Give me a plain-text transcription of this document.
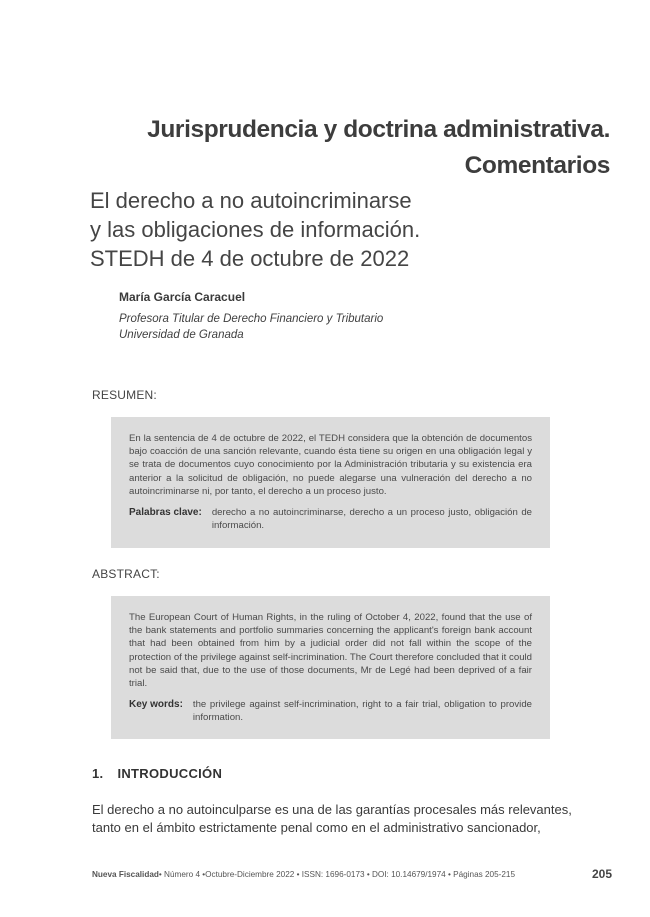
Jurisprudencia y doctrina administrativa.
Comentarios
El derecho a no autoincriminarse
y las obligaciones de información.
STEDH de 4 de octubre de 2022
María García Caracuel
Profesora Titular de Derecho Financiero y Tributario
Universidad de Granada
RESUMEN:
En la sentencia de 4 de octubre de 2022, el TEDH considera que la obtención de documentos bajo coacción de una sanción relevante, cuando ésta tiene su origen en una obligación legal y se trata de documentos cuyo conocimiento por la Administración tributaria y su existencia era anterior a la solicitud de obligación, no puede alegarse una vulneración del derecho a no autoincriminarse ni, por tanto, el derecho a un proceso justo.
Palabras clave: derecho a no autoincriminarse, derecho a un proceso justo, obligación de información.
ABSTRACT:
The European Court of Human Rights, in the ruling of October 4, 2022, found that the use of the bank statements and portfolio summaries concerning the applicant's foreign bank account that had been obtained from him by a judicial order did not fall within the scope of the protection of the privilege against self-incrimination. The Court therefore concluded that it could not be said that, due to the use of those documents, Mr de Legé had been deprived of a fair trial.
Key words: the privilege against self-incrimination, right to a fair trial, obligation to provide information.
1. INTRODUCCIÓN
El derecho a no autoinculparse es una de las garantías procesales más relevantes,
tanto en el ámbito estrictamente penal como en el administrativo sancionador,
Nueva Fiscalidad • Número 4 •Octubre-Diciembre 2022 • ISSN: 1696-0173 • DOI: 10.14679/1974 • Páginas 205-215	205
